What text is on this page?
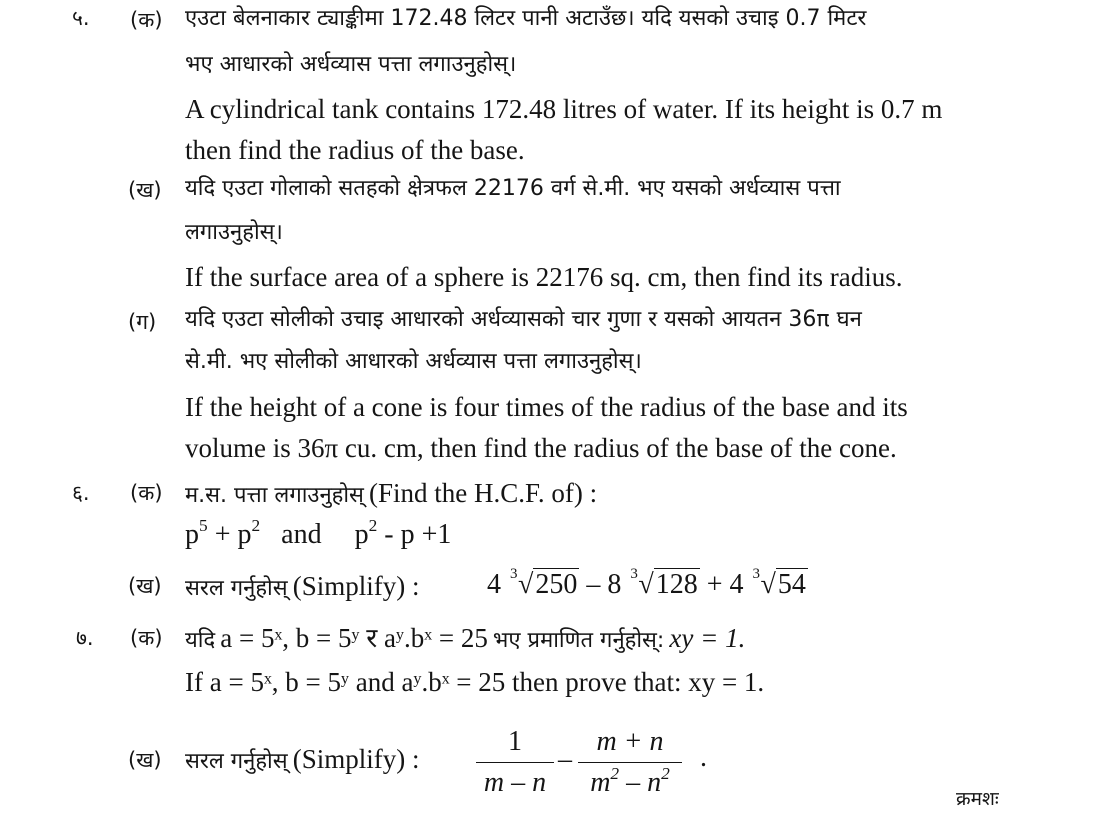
५. (क) एउटा बेलनाकार ट्याङ्कीमा 172.48 लिटर पानी अटाउँछ। यदि यसको उचाइ 0.7 मिटर
भए आधारको अर्धव्यास पत्ता लगाउनुहोस्।
A cylindrical tank contains 172.48 litres of water. If its height is 0.7 m
then find the radius of the base.
(ख) यदि एउटा गोलाको सतहको क्षेत्रफल 22176 वर्ग से.मी. भए यसको अर्धव्यास पत्ता
लगाउनुहोस्।
If the surface area of a sphere is 22176 sq. cm, then find its radius.
(ग) यदि एउटा सोलीको उचाइ आधारको अर्धव्यासको चार गुणा र यसको आयतन 36π घन
से.मी. भए सोलीको आधारको अर्धव्यास पत्ता लगाउनुहोस्।
If the height of a cone is four times of the radius of the base and its
volume is 36π cu. cm, then find the radius of the base of the cone.
६. (क) म.स. पत्ता लगाउनुहोस् (Find the H.C.F. of) :
$p^5 + p^2$ and $p^2 - p +1$
(ख) सरल गर्नुहोस् (Simplify) : 4 3 √250 – 8 3 √128 + 4 3 √54
७. (क) यदि a = 5ˣ, b = 5ʸ र aʸ.bˣ = 25 भए प्रमाणित गर्नुहोस्: xy = 1.
If a = 5ˣ, b = 5ʸ and aʸ.bˣ = 25 then prove that: xy = 1.
(ख) सरल गर्नुहोस् (Simplify) :
1
m – n
–
m + n
$m^2 - n^2$
.
क्रमशः
